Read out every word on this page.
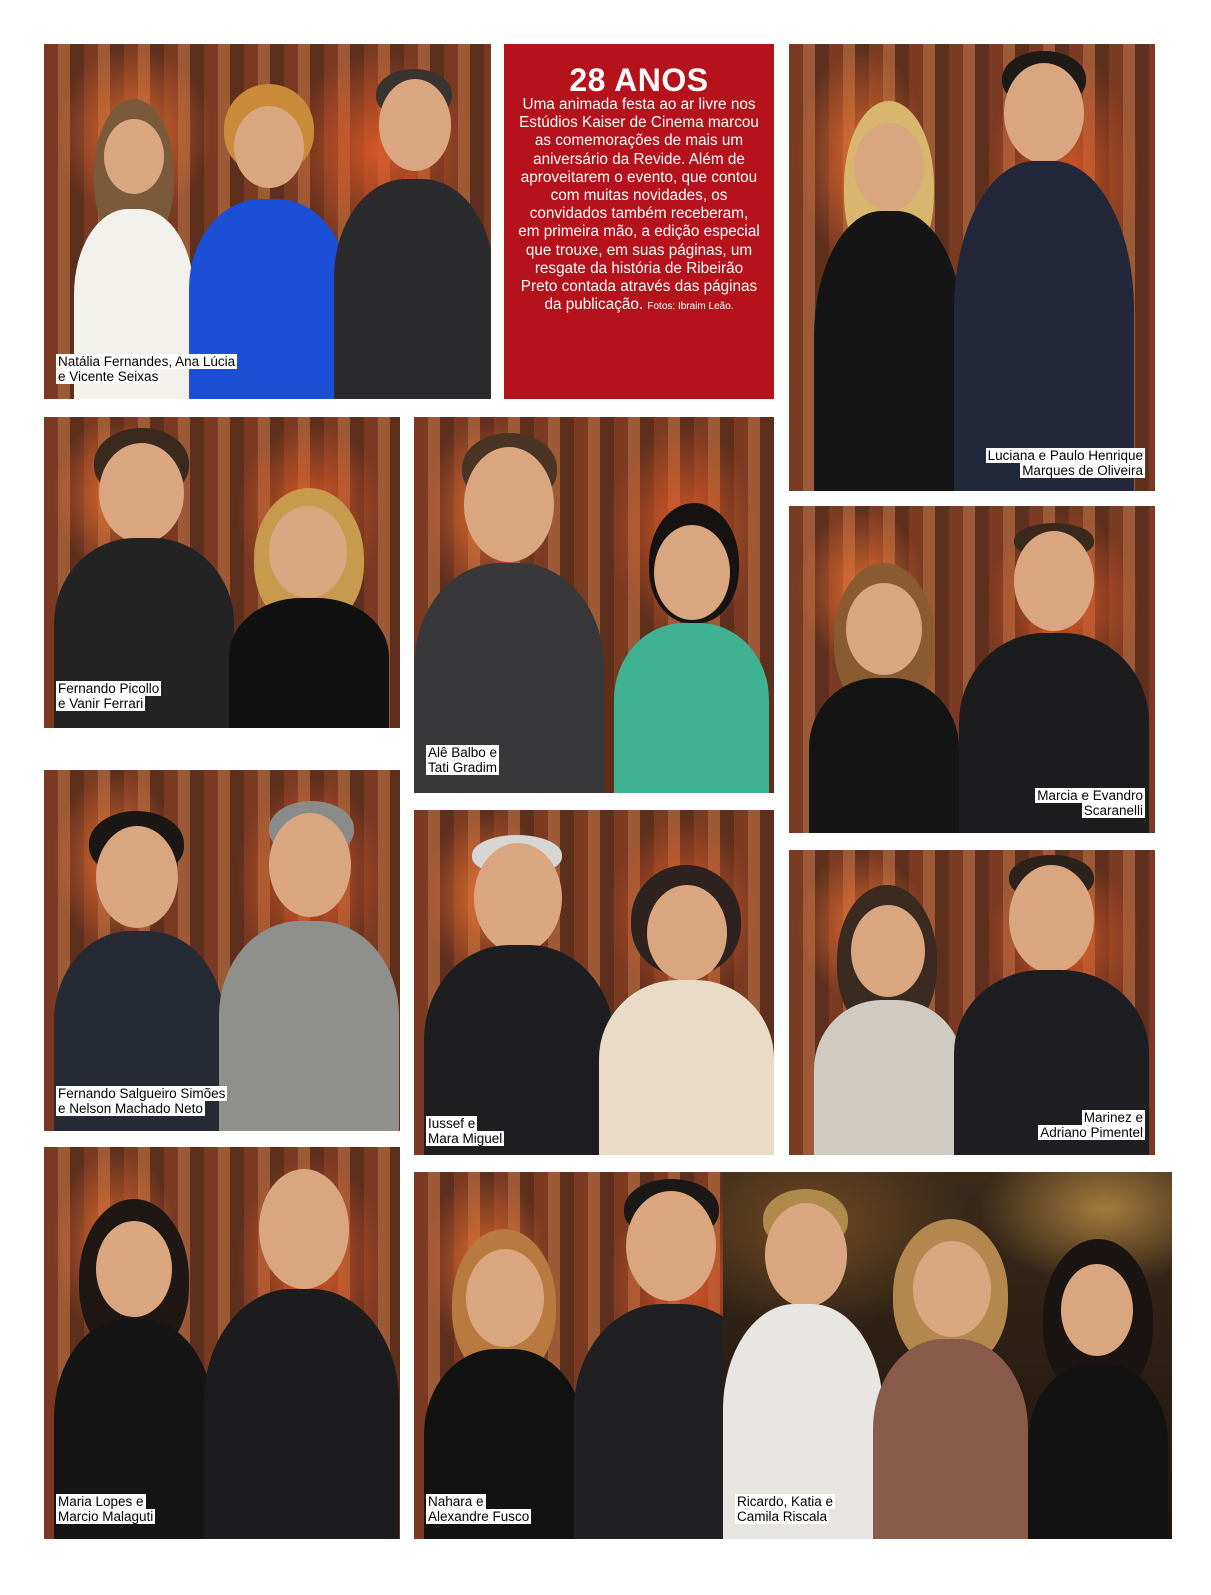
28 ANOS
Uma animada festa ao ar livre nos Estúdios Kaiser de Cinema marcou as comemorações de mais um aniversário da Revide. Além de aproveitarem o evento, que contou com muitas novidades, os convidados também receberam, em primeira mão, a edição especial que trouxe, em suas páginas, um resgate da história de Ribeirão Preto contada através das páginas da publicação. Fotos: Ibraim Leão.
Natália Fernandes, Ana Lúcia
e Vicente Seixas
Luciana e Paulo Henrique
Marques de Oliveira
Fernando Picollo
e Vanir Ferrari
Alê Balbo e
Tati Gradim
Marcia e Evandro
Scaranelli
Fernando Salgueiro Simões
e Nelson Machado Neto
Iussef e
Mara Miguel
Marinez e
Adriano Pimentel
Maria Lopes e
Marcio Malaguti
Nahara e
Alexandre Fusco
Ricardo, Katia e
Camila Riscala
